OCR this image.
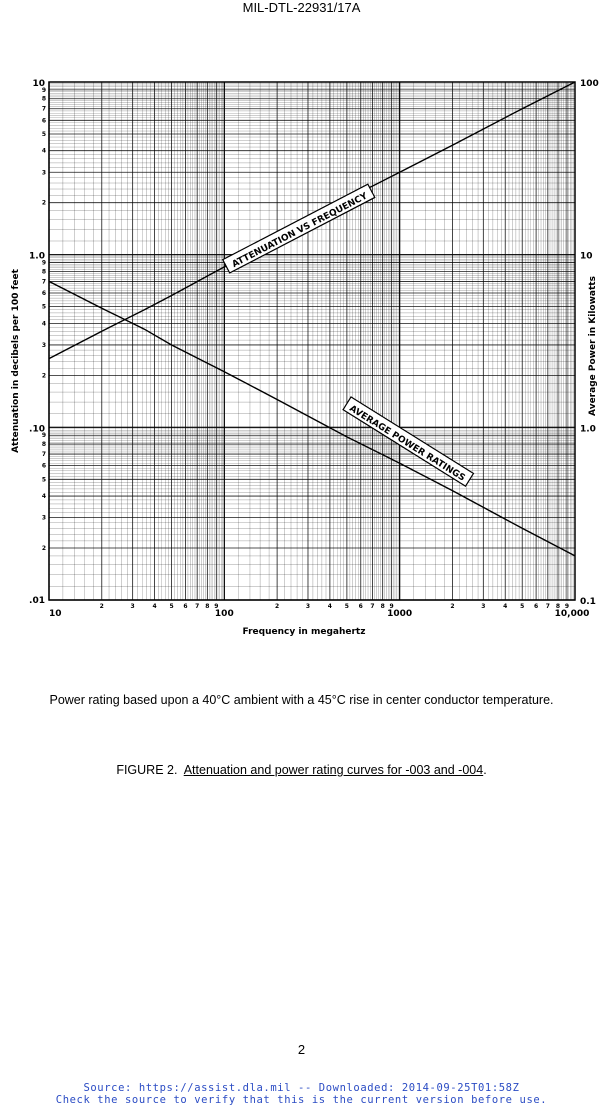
MIL-DTL-22931/17A
ATTENUATION VS FREQUENCY
AVERAGE POWER RATINGS
10	100	1000	10,000
2	3	4 5 6 7 8 9	2	3	4 5 6 7 8 9	2	3	4 5 6 7 8 9
.01
.10
1.0
10
0.1
1.0
10
100
2
3
4
5
6
7
8
9
2
3
4
5
6
7
8
9
2
3
4
5
6
7
8
9
Frequency in megahertz
Attenuation in decibels per 100 feet	Average Power in Kilowatts
Power rating based upon a 40°C ambient with a 45°C rise in center conductor temperature.
FIGURE 2. Attenuation and power rating curves for -003 and -004.
2
Source: https://assist.dla.mil -- Downloaded: 2014-09-25T01:58Z
Check the source to verify that this is the current version before use.
